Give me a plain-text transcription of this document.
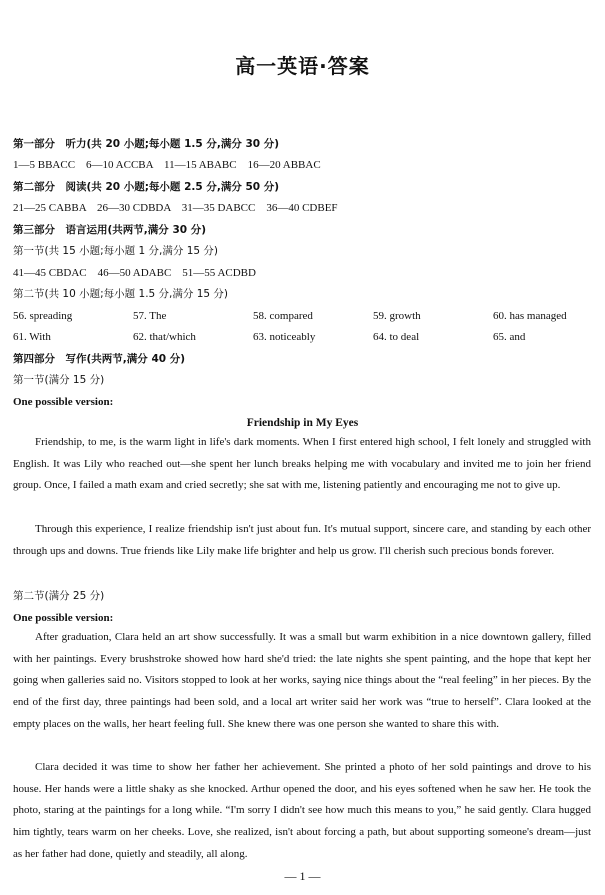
高一英语·答案
第一部分　听力(共 20 小题;每小题 1.5 分,满分 30 分)
1—5 BBACC　6—10 ACCBA　11—15 ABABC　16—20 ABBAC
第二部分　阅读(共 20 小题;每小题 2.5 分,满分 50 分)
21—25 CABBA　26—30 CDBDA　31—35 DABCC　36—40 CDBEF
第三部分　语言运用(共两节,满分 30 分)
第一节(共 15 小题;每小题 1 分,满分 15 分)
41—45 CBDAC　46—50 ADABC　51—55 ACDBD
第二节(共 10 小题;每小题 1.5 分,满分 15 分)
56. spreading	57. The	58. compared	59. growth	60. has managed
61. With	62. that/which	63. noticeably	64. to deal	65. and
第四部分　写作(共两节,满分 40 分)
第一节(满分 15 分)
One possible version:
Friendship in My Eyes

Friendship, to me, is the warm light in life's dark moments. When I first entered high school, I felt lonely and struggled with English. It was Lily who reached out—she spent her lunch breaks helping me with vocabulary and invited me to join her friend group. Once, I failed a math exam and cried secretly; she sat with me, listening patiently and encouraging me not to give up.

Through this experience, I realize friendship isn't just about fun. It's mutual support, sincere care, and standing by each other through ups and downs. True friends like Lily make life brighter and help us grow. I'll cherish such precious bonds forever.

第二节(满分 25 分)
One possible version:

After graduation, Clara held an art show successfully. It was a small but warm exhibition in a nice downtown gallery, filled with her paintings. Every brushstroke showed how hard she'd tried: the late nights she spent painting, and the hope that kept her going when galleries said no. Visitors stopped to look at her works, saying nice things about the “real feeling” in her pieces. By the end of the first day, three paintings had been sold, and a local art writer said her work was “true to herself”. Clara looked at the empty places on the walls, her heart feeling full. She knew there was one person she wanted to share this with.

Clara decided it was time to show her father her achievement. She printed a photo of her sold paintings and drove to his house. Her hands were a little shaky as she knocked. Arthur opened the door, and his eyes softened when he saw her. He took the photo, staring at the paintings for a long while. “I'm sorry I didn't see how much this means to you,” he said gently. Clara hugged him tightly, tears warm on her cheeks. Love, she realized, isn't about forcing a path, but about supporting someone's dream—just as her father had done, quietly and steadily, all along.

— 1 —
